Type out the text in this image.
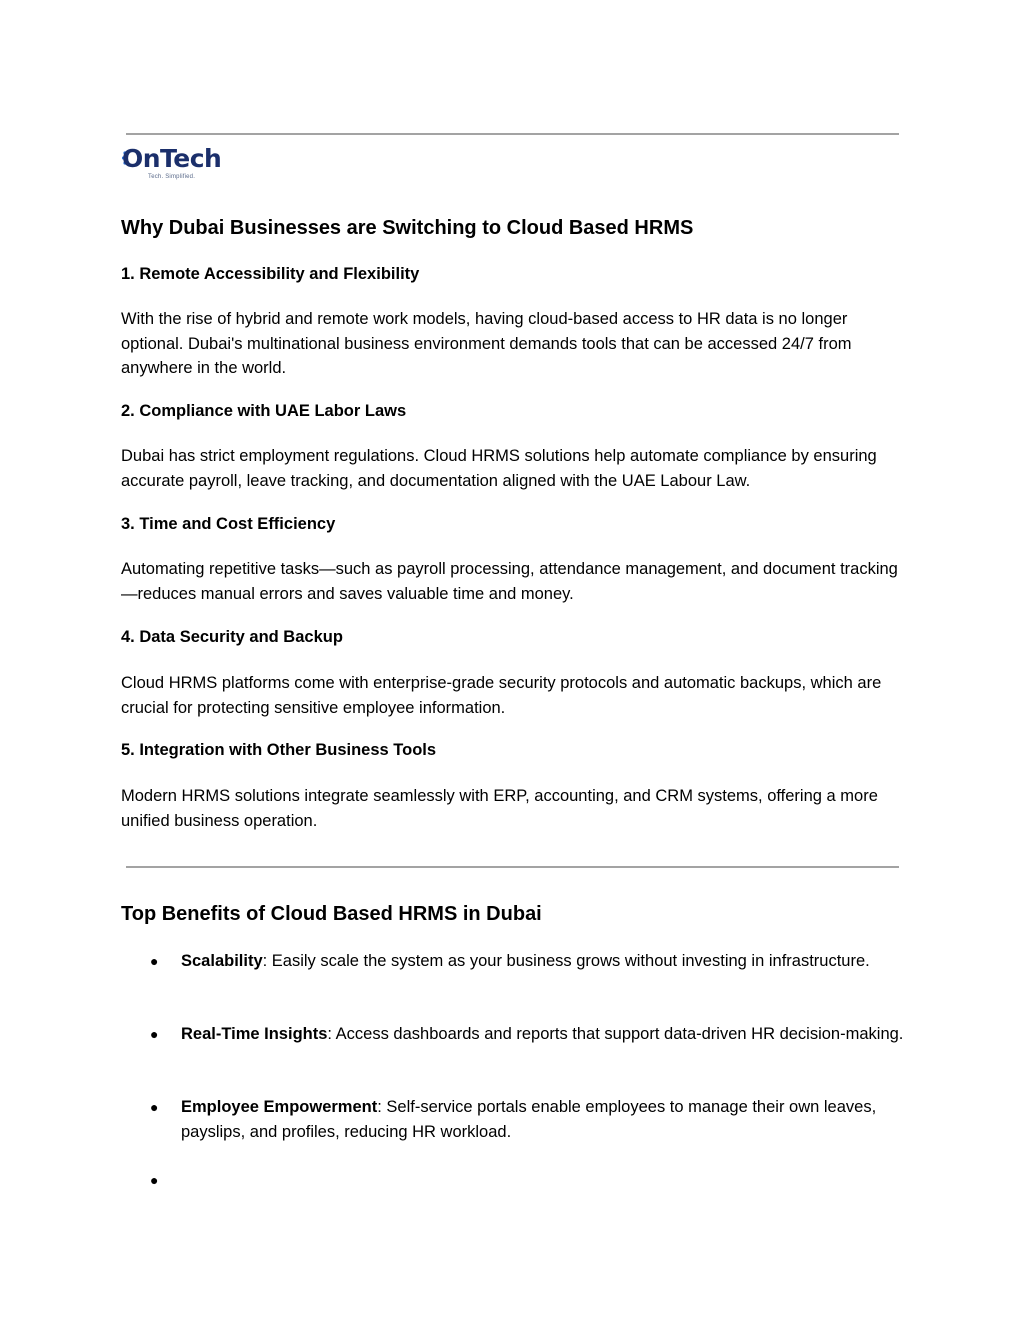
OnTech
Tech. Simplified.
Why Dubai Businesses are Switching to Cloud Based HRMS
1. Remote Accessibility and Flexibility

With the rise of hybrid and remote work models, having cloud-based access to HR data is no longer optional. Dubai's multinational business environment demands tools that can be accessed 24/7 from anywhere in the world.

2. Compliance with UAE Labor Laws

Dubai has strict employment regulations. Cloud HRMS solutions help automate compliance by ensuring accurate payroll, leave tracking, and documentation aligned with the UAE Labour Law.

3. Time and Cost Efficiency

Automating repetitive tasks—such as payroll processing, attendance management, and document tracking—reduces manual errors and saves valuable time and money.

4. Data Security and Backup

Cloud HRMS platforms come with enterprise-grade security protocols and automatic backups, which are crucial for protecting sensitive employee information.

5. Integration with Other Business Tools

Modern HRMS solutions integrate seamlessly with ERP, accounting, and CRM systems, offering a more unified business operation.

Top Benefits of Cloud Based HRMS in Dubai
●	Scalability: Easily scale the system as your business grows without investing in infrastructure.
●	Real-Time Insights: Access dashboards and reports that support data-driven HR decision-making.
●	Employee Empowerment: Self-service portals enable employees to manage their own leaves, payslips, and profiles, reducing HR workload.
●
